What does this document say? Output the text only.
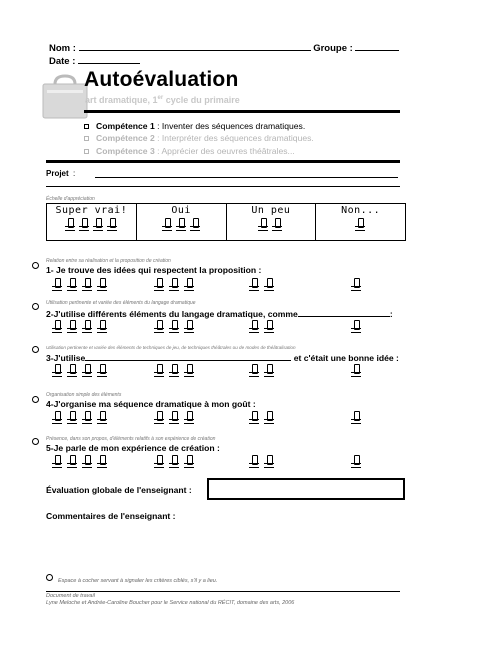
Nom :	Groupe :
Date :
Autoévaluation
art dramatique, 1er cycle du primaire
Compétence 1 : Inventer des séquences dramatiques.
Compétence 2 : Interpréter des séquences dramatiques.
Compétence 3 : Apprécier des oeuvres théâtrales...
Projet :
Échelle d'appréciation
Super vrai!	Oui	Un peu	Non...
Relation entre sa réalisation et la proposition de création
1- Je trouve des idées qui respectent la proposition :
Utilisation pertinente et variée des éléments du langage dramatique
2-J'utilise différents éléments du langage dramatique, comme	:
Utilisation pertinente et variée des éléments de techniques de jeu, de techniques théâtrales ou de modes de théâtralisation
3-J'utilise	et c'était une bonne idée :
Organisation simple des éléments
4-J'organise ma séquence dramatique à mon goût :
Présence, dans son propos, d'éléments relatifs à son expérience de création
5-Je parle de mon expérience de création :
Évaluation globale de l'enseignant :
Commentaires de l'enseignant :
Espace à cocher servant à signaler les critères ciblés, s'il y a lieu.
Document de travail
Lyne Meloche et Andrée-Caroline Boucher pour le Service national du RÉCIT, domaine des arts, 2006
